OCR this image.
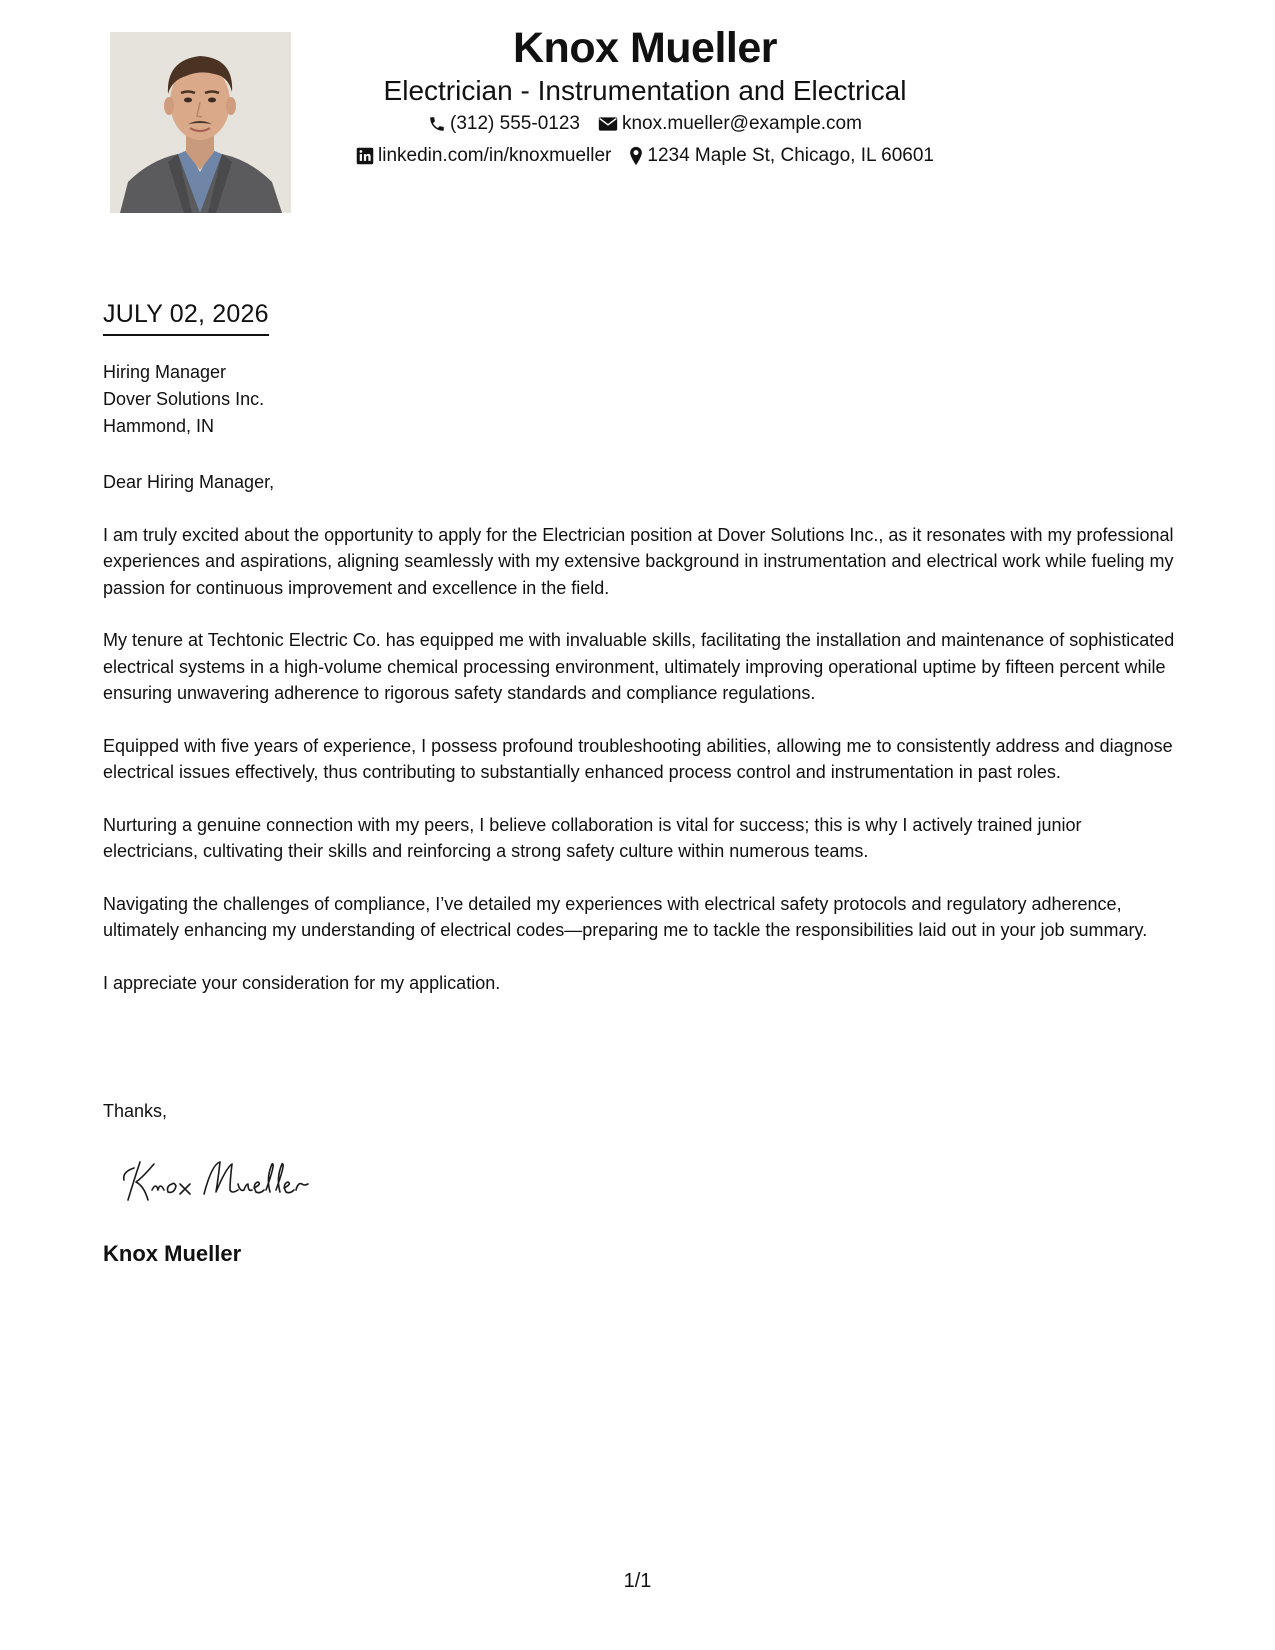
Knox Mueller
Electrician - Instrumentation and Electrical
(312) 555-0123 knox.mueller@example.com
linkedin.com/in/knoxmueller 1234 Maple St, Chicago, IL 60601
JULY 02, 2026
Hiring Manager
Dover Solutions Inc.
Hammond, IN

Dear Hiring Manager,

I am truly excited about the opportunity to apply for the Electrician position at Dover Solutions Inc., as it resonates with my professional experiences and aspirations, aligning seamlessly with my extensive background in instrumentation and electrical work while fueling my passion for continuous improvement and excellence in the field.

My tenure at Techtonic Electric Co. has equipped me with invaluable skills, facilitating the installation and maintenance of sophisticated electrical systems in a high-volume chemical processing environment, ultimately improving operational uptime by fifteen percent while ensuring unwavering adherence to rigorous safety standards and compliance regulations.

Equipped with five years of experience, I possess profound troubleshooting abilities, allowing me to consistently address and diagnose electrical issues effectively, thus contributing to substantially enhanced process control and instrumentation in past roles.

Nurturing a genuine connection with my peers, I believe collaboration is vital for success; this is why I actively trained junior electricians, cultivating their skills and reinforcing a strong safety culture within numerous teams.

Navigating the challenges of compliance, I’ve detailed my experiences with electrical safety protocols and regulatory adherence, ultimately enhancing my understanding of electrical codes—preparing me to tackle the responsibilities laid out in your job summary.

I appreciate your consideration for my application.

Thanks,
Knox Mueller
1/1
